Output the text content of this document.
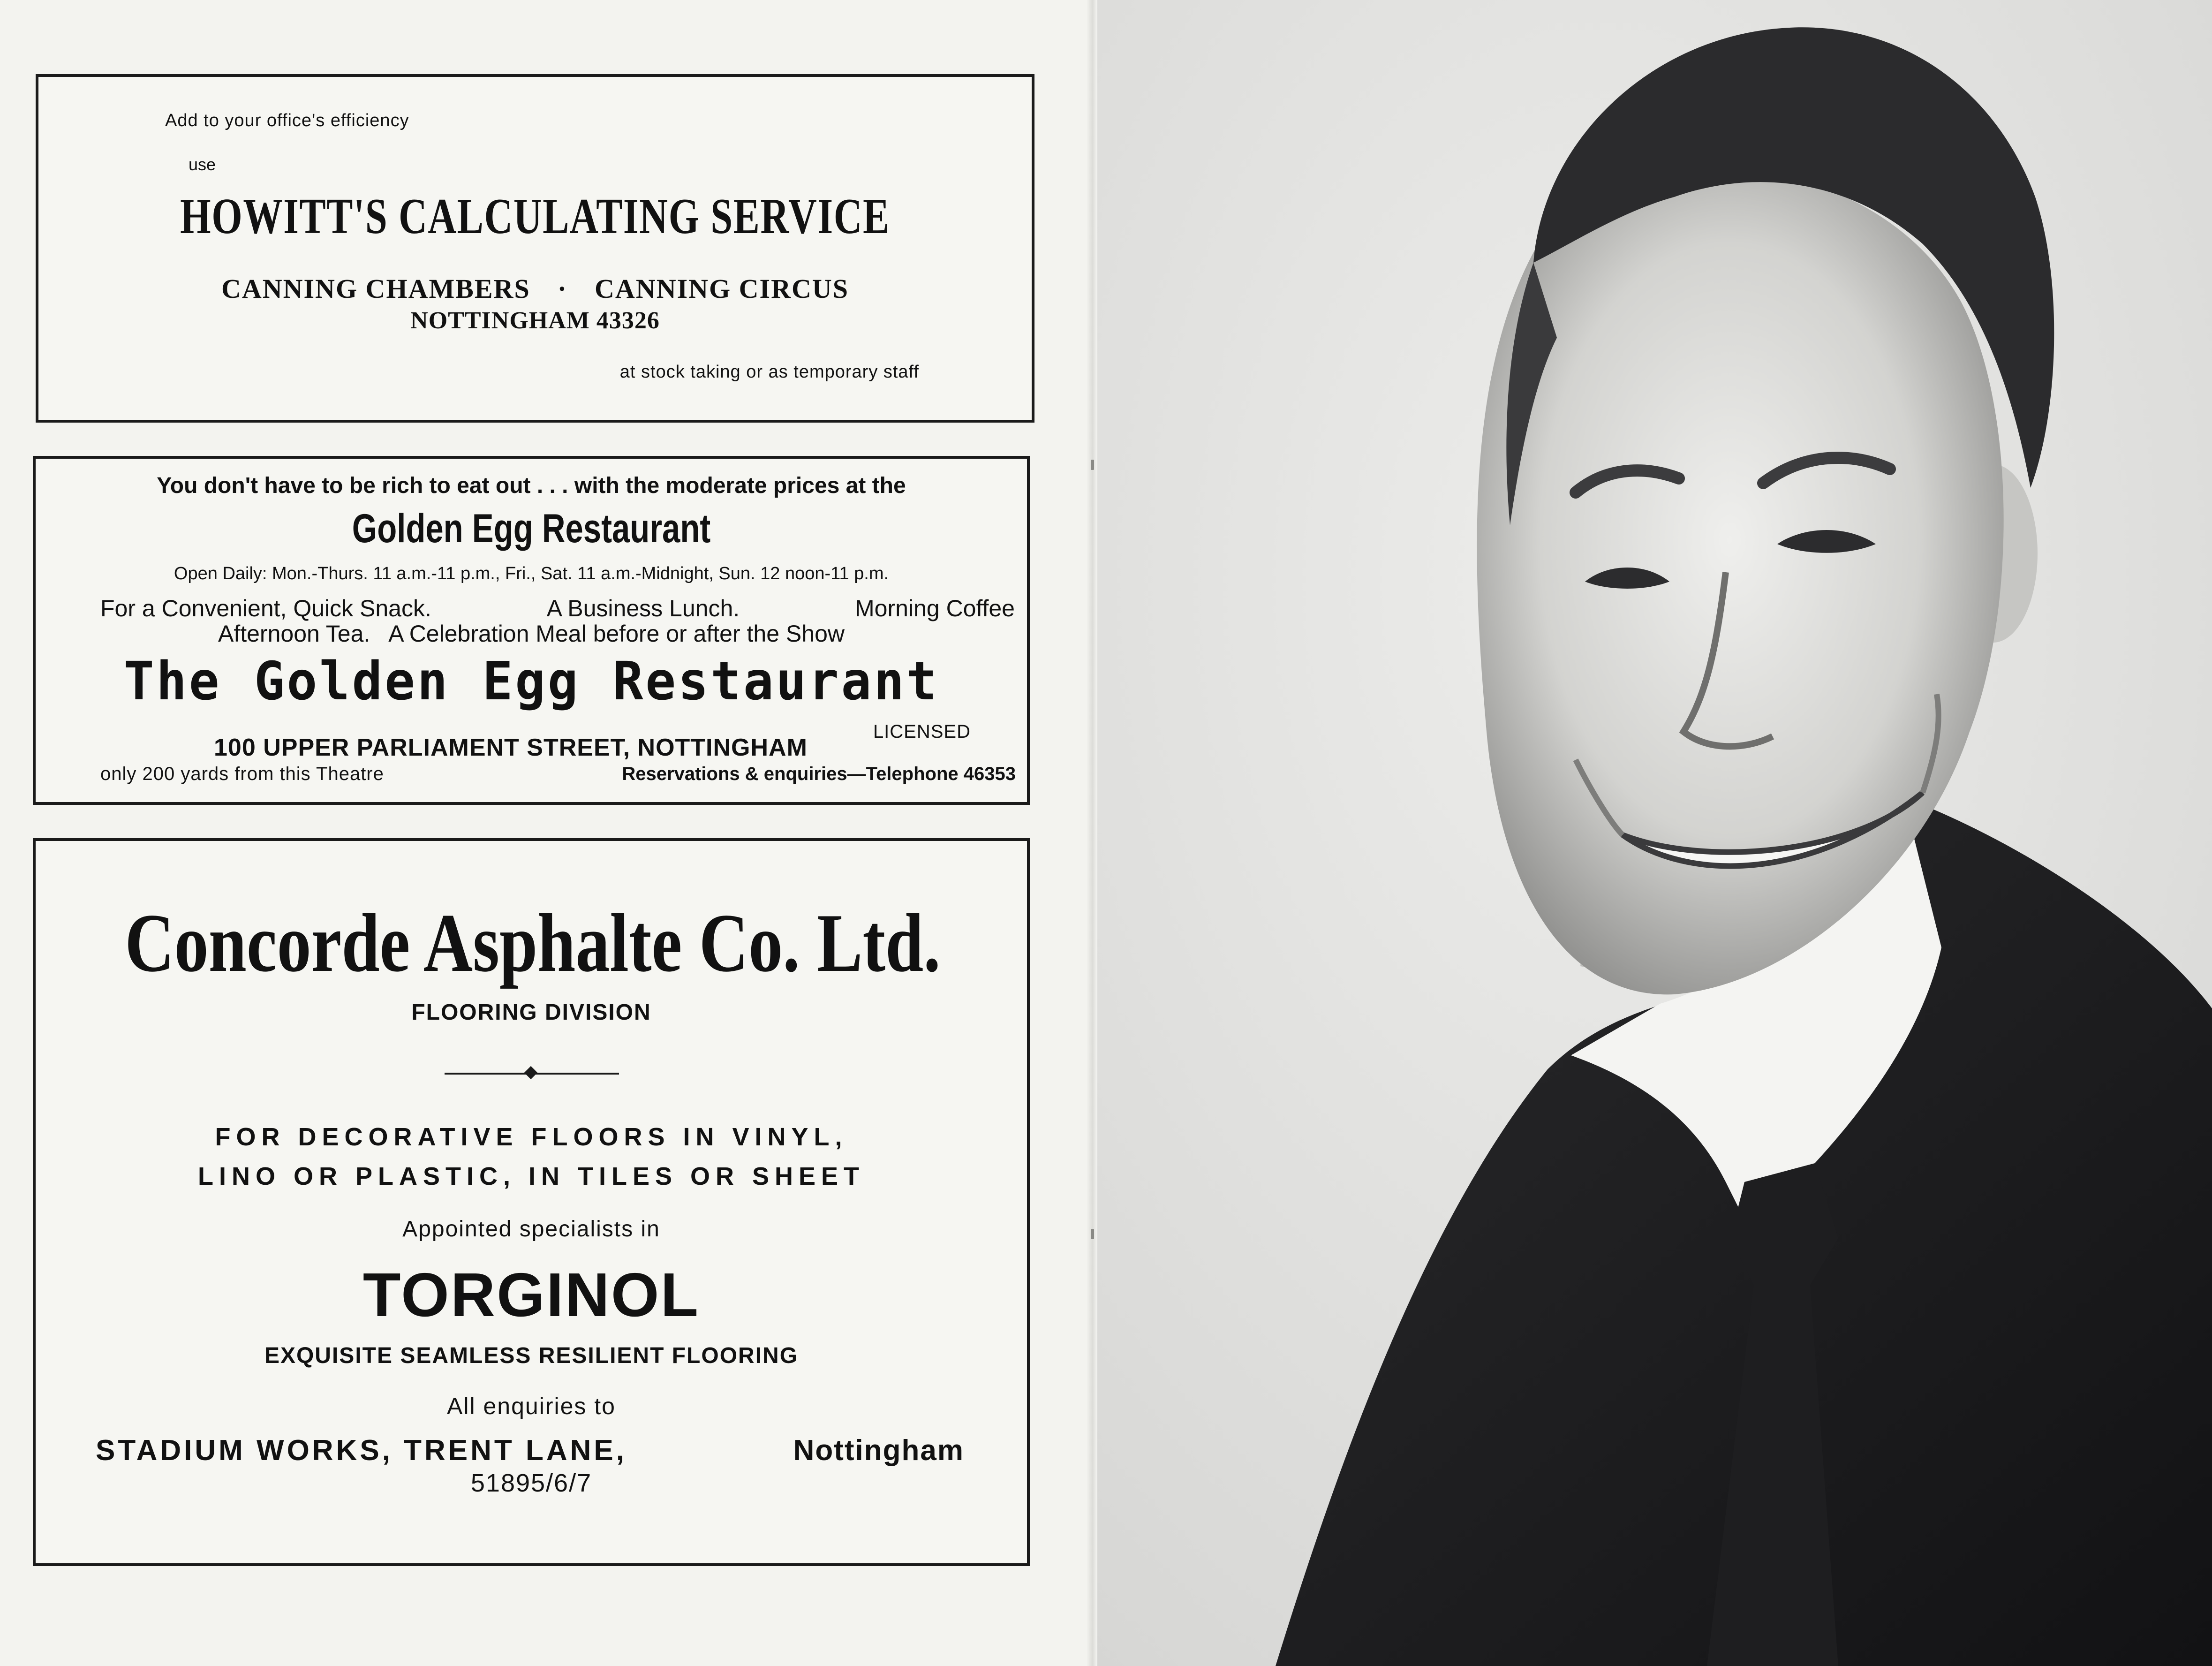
Add to your office's efficiency
use
HOWITT'S CALCULATING SERVICE
CANNING CHAMBERS · CANNING CIRCUS
NOTTINGHAM 43326
at stock taking or as temporary staff
You don't have to be rich to eat out . . . with the moderate prices at the
Golden Egg Restaurant
Open Daily: Mon.-Thurs. 11 a.m.-11 p.m., Fri., Sat. 11 a.m.-Midnight, Sun. 12 noon-11 p.m.
For a Convenient, Quick Snack.	A Business Lunch.	Morning Coffee
Afternoon Tea.   A Celebration Meal before or after the Show
The Golden Egg Restaurant
LICENSED
100 UPPER PARLIAMENT STREET, NOTTINGHAM
only 200 yards from this Theatre	Reservations & enquiries—Telephone 46353
Concorde Asphalte Co. Ltd.
FLOORING DIVISION
FOR DECORATIVE FLOORS IN VINYL,
LINO OR PLASTIC, IN TILES OR SHEET
Appointed specialists in
TORGINOL
EXQUISITE SEAMLESS RESILIENT FLOORING
All enquiries to
STADIUM WORKS, TRENT LANE,	Nottingham
51895/6/7
